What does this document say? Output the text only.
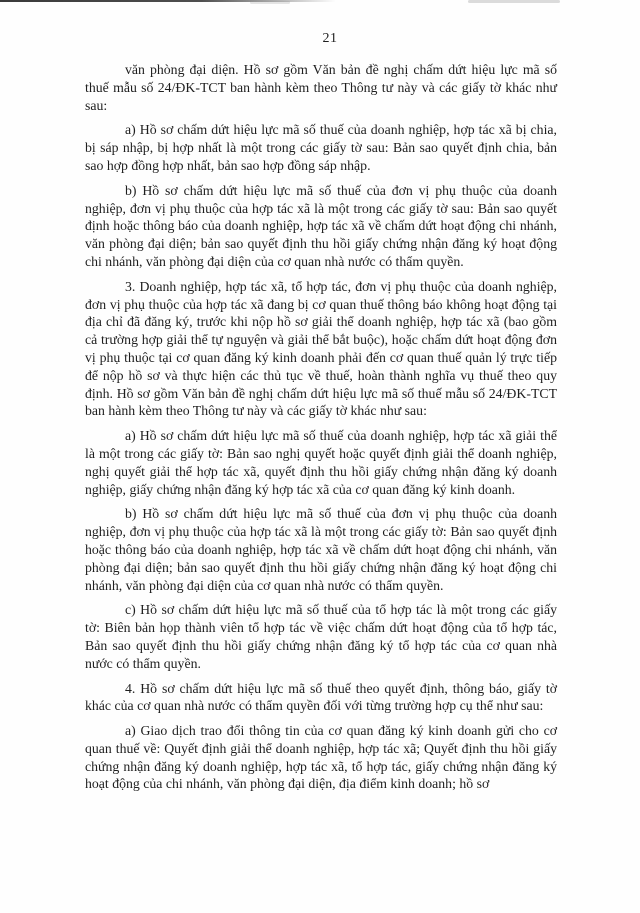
21

văn phòng đại diện. Hồ sơ gồm Văn bản đề nghị chấm dứt hiệu lực mã số thuế mẫu số 24/ĐK-TCT ban hành kèm theo Thông tư này và các giấy tờ khác như sau:

a) Hồ sơ chấm dứt hiệu lực mã số thuế của doanh nghiệp, hợp tác xã bị chia, bị sáp nhập, bị hợp nhất là một trong các giấy tờ sau: Bản sao quyết định chia, bản sao hợp đồng hợp nhất, bản sao hợp đồng sáp nhập.

b) Hồ sơ chấm dứt hiệu lực mã số thuế của đơn vị phụ thuộc của doanh nghiệp, đơn vị phụ thuộc của hợp tác xã là một trong các giấy tờ sau: Bản sao quyết định hoặc thông báo của doanh nghiệp, hợp tác xã về chấm dứt hoạt động chi nhánh, văn phòng đại diện; bản sao quyết định thu hồi giấy chứng nhận đăng ký hoạt động chi nhánh, văn phòng đại diện của cơ quan nhà nước có thẩm quyền.

3. Doanh nghiệp, hợp tác xã, tổ hợp tác, đơn vị phụ thuộc của doanh nghiệp, đơn vị phụ thuộc của hợp tác xã đang bị cơ quan thuế thông báo không hoạt động tại địa chỉ đã đăng ký, trước khi nộp hồ sơ giải thể doanh nghiệp, hợp tác xã (bao gồm cả trường hợp giải thể tự nguyện và giải thể bắt buộc), hoặc chấm dứt hoạt động đơn vị phụ thuộc tại cơ quan đăng ký kinh doanh phải đến cơ quan thuế quản lý trực tiếp để nộp hồ sơ và thực hiện các thủ tục về thuế, hoàn thành nghĩa vụ thuế theo quy định. Hồ sơ gồm Văn bản đề nghị chấm dứt hiệu lực mã số thuế mẫu số 24/ĐK-TCT ban hành kèm theo Thông tư này và các giấy tờ khác như sau:

a) Hồ sơ chấm dứt hiệu lực mã số thuế của doanh nghiệp, hợp tác xã giải thể là một trong các giấy tờ: Bản sao nghị quyết hoặc quyết định giải thể doanh nghiệp, nghị quyết giải thể hợp tác xã, quyết định thu hồi giấy chứng nhận đăng ký doanh nghiệp, giấy chứng nhận đăng ký hợp tác xã của cơ quan đăng ký kinh doanh.

b) Hồ sơ chấm dứt hiệu lực mã số thuế của đơn vị phụ thuộc của doanh nghiệp, đơn vị phụ thuộc của hợp tác xã là một trong các giấy tờ: Bản sao quyết định hoặc thông báo của doanh nghiệp, hợp tác xã về chấm dứt hoạt động chi nhánh, văn phòng đại diện; bản sao quyết định thu hồi giấy chứng nhận đăng ký hoạt động chi nhánh, văn phòng đại diện của cơ quan nhà nước có thẩm quyền.

c) Hồ sơ chấm dứt hiệu lực mã số thuế của tổ hợp tác là một trong các giấy tờ: Biên bản họp thành viên tổ hợp tác về việc chấm dứt hoạt động của tổ hợp tác, Bản sao quyết định thu hồi giấy chứng nhận đăng ký tổ hợp tác của cơ quan nhà nước có thẩm quyền.

4. Hồ sơ chấm dứt hiệu lực mã số thuế theo quyết định, thông báo, giấy tờ khác của cơ quan nhà nước có thẩm quyền đối với từng trường hợp cụ thể như sau:

a) Giao dịch trao đổi thông tin của cơ quan đăng ký kinh doanh gửi cho cơ quan thuế về: Quyết định giải thể doanh nghiệp, hợp tác xã; Quyết định thu hồi giấy chứng nhận đăng ký doanh nghiệp, hợp tác xã, tổ hợp tác, giấy chứng nhận đăng ký hoạt động của chi nhánh, văn phòng đại diện, địa điểm kinh doanh; hồ sơ
